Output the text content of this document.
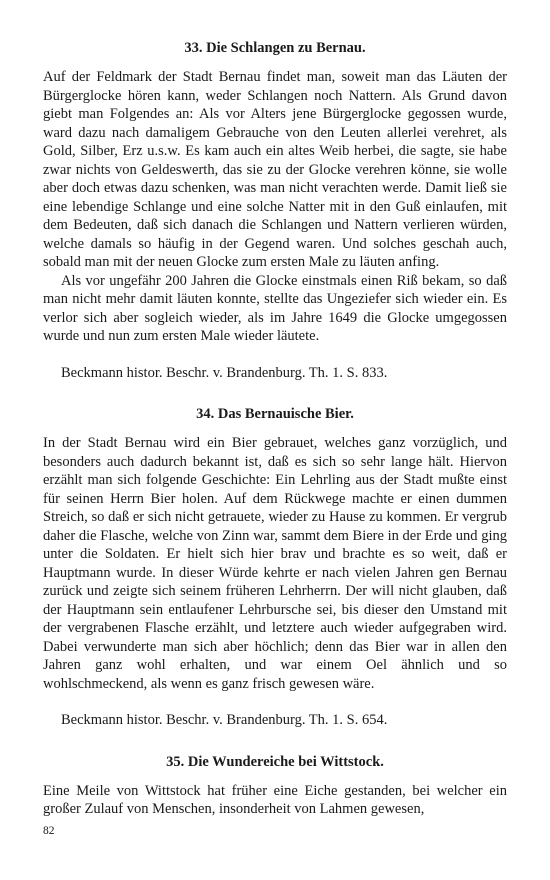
33. Die Schlangen zu Bernau.

Auf der Feldmark der Stadt Bernau findet man, soweit man das Läuten der Bürgerglocke hören kann, weder Schlangen noch Nattern. Als Grund davon giebt man Folgendes an: Als vor Alters jene Bürgerglocke gegossen wurde, ward dazu nach damaligem Gebrauche von den Leuten allerlei verehret, als Gold, Silber, Erz u.s.w. Es kam auch ein altes Weib herbei, die sagte, sie habe zwar nichts von Geldeswerth, das sie zu der Glocke verehren könne, sie wolle aber doch etwas dazu schenken, was man nicht verachten werde. Damit ließ sie eine lebendige Schlange und eine solche Natter mit in den Guß einlaufen, mit dem Bedeuten, daß sich danach die Schlangen und Nattern verlieren würden, welche damals so häufig in der Gegend waren. Und solches geschah auch, sobald man mit der neuen Glocke zum ersten Male zu läuten anfing.

Als vor ungefähr 200 Jahren die Glocke einstmals einen Riß bekam, so daß man nicht mehr damit läuten konnte, stellte das Ungeziefer sich wieder ein. Es verlor sich aber sogleich wieder, als im Jahre 1649 die Glocke umgegossen wurde und nun zum ersten Male wieder läutete.

Beckmann histor. Beschr. v. Brandenburg. Th. 1. S. 833.

34. Das Bernauische Bier.

In der Stadt Bernau wird ein Bier gebrauet, welches ganz vorzüglich, und besonders auch dadurch bekannt ist, daß es sich so sehr lange hält. Hiervon erzählt man sich folgende Geschichte: Ein Lehrling aus der Stadt mußte einst für seinen Herrn Bier holen. Auf dem Rückwege machte er einen dummen Streich, so daß er sich nicht getrauete, wieder zu Hause zu kommen. Er vergrub daher die Flasche, welche von Zinn war, sammt dem Biere in der Erde und ging unter die Soldaten. Er hielt sich hier brav und brachte es so weit, daß er Hauptmann wurde. In dieser Würde kehrte er nach vielen Jahren gen Bernau zurück und zeigte sich seinem früheren Lehrherrn. Der will nicht glauben, daß der Hauptmann sein entlaufener Lehrbursche sei, bis dieser den Umstand mit der vergrabenen Flasche erzählt, und letztere auch wieder aufgegraben wird. Dabei verwunderte man sich aber höchlich; denn das Bier war in allen den Jahren ganz wohl erhalten, und war einem Oel ähnlich und so wohlschmeckend, als wenn es ganz frisch gewesen wäre.

Beckmann histor. Beschr. v. Brandenburg. Th. 1. S. 654.

35. Die Wundereiche bei Wittstock.

Eine Meile von Wittstock hat früher eine Eiche gestanden, bei welcher ein großer Zulauf von Menschen, insonderheit von Lahmen gewesen,

82
